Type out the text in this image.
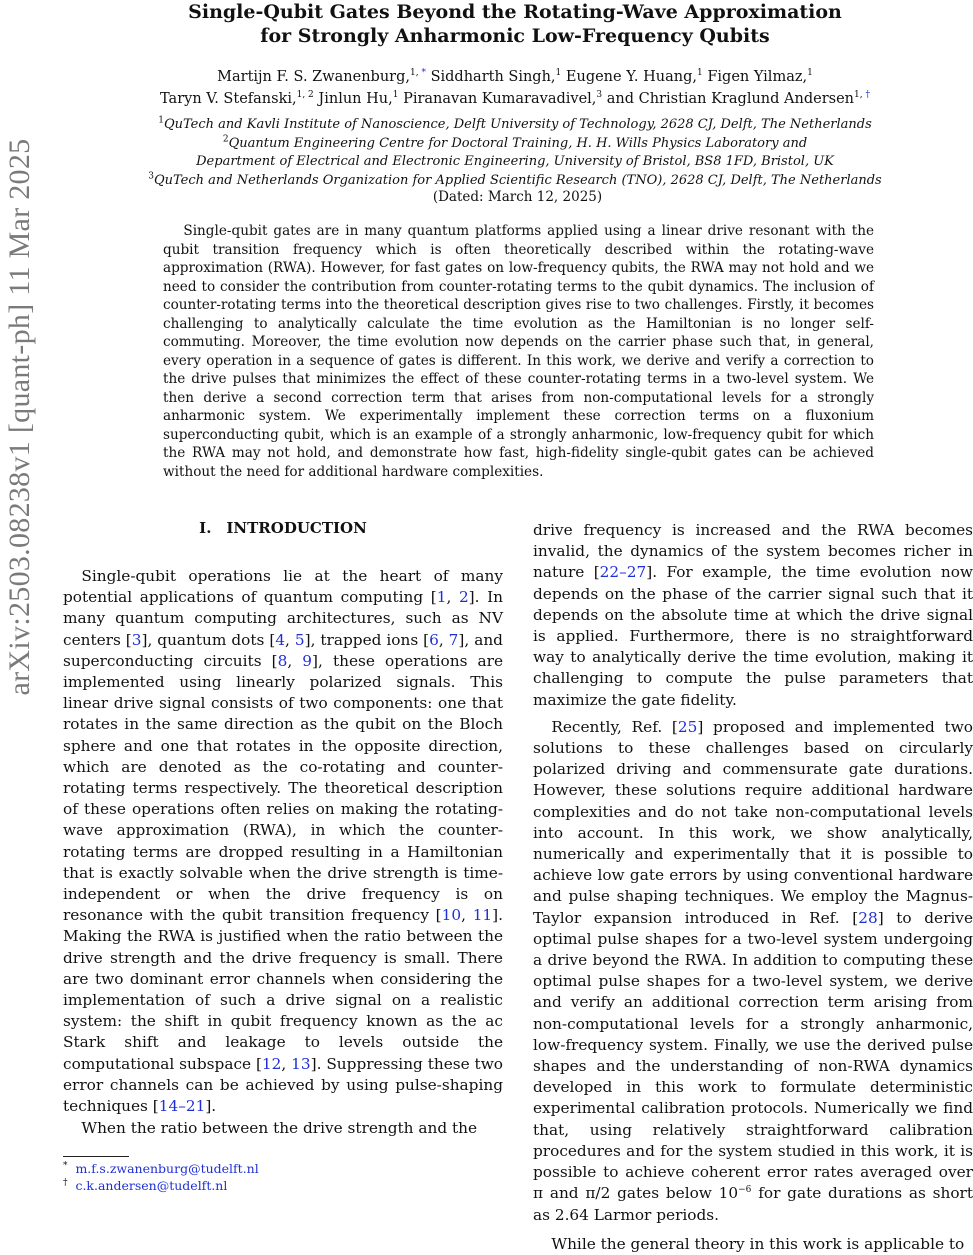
arXiv:2503.08238v1 [quant-ph] 11 Mar 2025
Single-Qubit Gates Beyond the Rotating-Wave Approximation
for Strongly Anharmonic Low-Frequency Qubits
Martijn F. S. Zwanenburg,$^{1,}$ * Siddharth Singh,$^1$ Eugene Y. Huang,$^1$ Figen Yilmaz,$^1$
Taryn V. Stefanski,$^{1, 2}$ Jinlun Hu,$^1$ Piranavan Kumaravadivel,$^3$ and Christian Kraglund Andersen$^{1,}$ †
$^1$QuTech and Kavli Institute of Nanoscience, Delft University of Technology, 2628 CJ, Delft, The Netherlands
$^2$Quantum Engineering Centre for Doctoral Training, H. H. Wills Physics Laboratory and
Department of Electrical and Electronic Engineering, University of Bristol, BS8 1FD, Bristol, UK
$^3$QuTech and Netherlands Organization for Applied Scientific Research (TNO), 2628 CJ, Delft, The Netherlands
(Dated: March 12, 2025)
Single-qubit gates are in many quantum platforms applied using a linear drive resonant with the qubit transition frequency which is often theoretically described within the rotating-wave approximation (RWA). However, for fast gates on low-frequency qubits, the RWA may not hold and we need to consider the contribution from counter-rotating terms to the qubit dynamics. The inclusion of counter-rotating terms into the theoretical description gives rise to two challenges. Firstly, it becomes challenging to analytically calculate the time evolution as the Hamiltonian is no longer self-commuting. Moreover, the time evolution now depends on the carrier phase such that, in general, every operation in a sequence of gates is different. In this work, we derive and verify a correction to the drive pulses that minimizes the effect of these counter-rotating terms in a two-level system. We then derive a second correction term that arises from non-computational levels for a strongly anharmonic system. We experimentally implement these correction terms on a fluxonium superconducting qubit, which is an example of a strongly anharmonic, low-frequency qubit for which the RWA may not hold, and demonstrate how fast, high-fidelity single-qubit gates can be achieved without the need for additional hardware complexities.
I. INTRODUCTION

Single-qubit operations lie at the heart of many potential applications of quantum computing [1, 2]. In many quantum computing architectures, such as NV centers [3], quantum dots [4, 5], trapped ions [6, 7], and superconducting circuits [8, 9], these operations are implemented using linearly polarized signals. This linear drive signal consists of two components: one that rotates in the same direction as the qubit on the Bloch sphere and one that rotates in the opposite direction, which are denoted as the co-rotating and counter-rotating terms respectively. The theoretical description of these operations often relies on making the rotating-wave approximation (RWA), in which the counter-rotating terms are dropped resulting in a Hamiltonian that is exactly solvable when the drive strength is time-independent or when the drive frequency is on resonance with the qubit transition frequency [10, 11]. Making the RWA is justified when the ratio between the drive strength and the drive frequency is small. There are two dominant error channels when considering the implementation of such a drive signal on a realistic system: the shift in qubit frequency known as the ac Stark shift and leakage to levels outside the computational subspace [12, 13]. Suppressing these two error channels can be achieved by using pulse-shaping techniques [14–21].

When the ratio between the drive strength and the

drive frequency is increased and the RWA becomes invalid, the dynamics of the system becomes richer in nature [22–27]. For example, the time evolution now depends on the phase of the carrier signal such that it depends on the absolute time at which the drive signal is applied. Furthermore, there is no straightforward way to analytically derive the time evolution, making it challenging to compute the pulse parameters that maximize the gate fidelity.

Recently, Ref. [25] proposed and implemented two solutions to these challenges based on circularly polarized driving and commensurate gate durations. However, these solutions require additional hardware complexities and do not take non-computational levels into account. In this work, we show analytically, numerically and experimentally that it is possible to achieve low gate errors by using conventional hardware and pulse shaping techniques. We employ the Magnus-Taylor expansion introduced in Ref. [28] to derive optimal pulse shapes for a two-level system undergoing a drive beyond the RWA. In addition to computing these optimal pulse shapes for a two-level system, we derive and verify an additional correction term arising from non-computational levels for a strongly anharmonic, low-frequency system. Finally, we use the derived pulse shapes and the understanding of non-RWA dynamics developed in this work to formulate deterministic experimental calibration protocols. Numerically we find that, using relatively straightforward calibration procedures and for the system studied in this work, it is possible to achieve coherent error rates averaged over π and π/2 gates below $10^{-6}$ for gate durations as short as 2.64 Larmor periods.

While the general theory in this work is applicable to

* m.f.s.zwanenburg@tudelft.nl
† c.k.andersen@tudelft.nl
